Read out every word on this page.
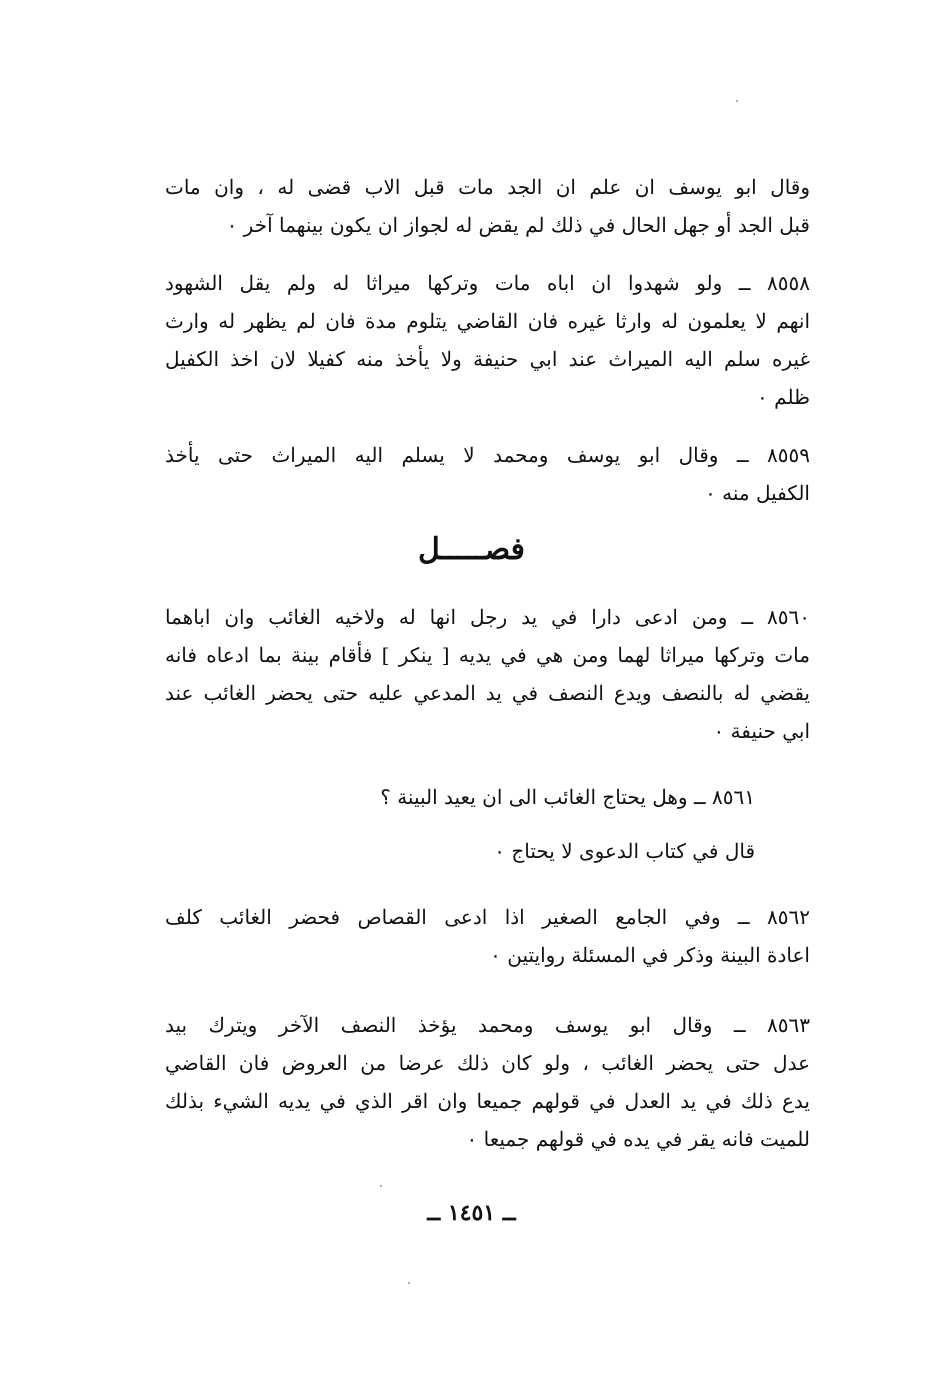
وقال ابو يوسف ان علم ان الجد مات قبل الاب قضى له ، وان مات
قبل الجد أو جهل الحال في ذلك لم يقض له لجواز ان يكون بينهما آخر ٠
٨٥٥٨ ــ ولو شهدوا ان اباه مات وتركها ميراثا له ولم يقل الشهود
انهم لا يعلمون له وارثا غيره فان القاضي يتلوم مدة فان لم يظهر له وارث
غيره سلم اليه الميراث عند ابي حنيفة ولا يأخذ منه كفيلا لان اخذ الكفيل
ظلم ٠
٨٥٥٩ ــ وقال ابو يوسف ومحمد لا يسلم اليه الميراث حتى يأخذ
الكفيل منه ٠
فصـــــل
٨٥٦٠ ــ ومن ادعى دارا في يد رجل انها له ولاخيه الغائب وان اباهما
مات وتركها ميراثا لهما ومن هي في يديه [ ينكر ] فأقام بينة بما ادعاه فانه
يقضي له بالنصف ويدع النصف في يد المدعي عليه حتى يحضر الغائب عند
ابي حنيفة ٠
٨٥٦١ ــ وهل يحتاج الغائب الى ان يعيد البينة ؟
قال في كتاب الدعوى لا يحتاج ٠
٨٥٦٢ ــ وفي الجامع الصغير اذا ادعى القصاص فحضر الغائب كلف
اعادة البينة وذكر في المسئلة روايتين ٠
٨٥٦٣ ــ وقال ابو يوسف ومحمد يؤخذ النصف الآخر ويترك بيد
عدل حتى يحضر الغائب ، ولو كان ذلك عرضا من العروض فان القاضي
يدع ذلك في يد العدل في قولهم جميعا وان اقر الذي في يديه الشيء بذلك
للميت فانه يقر في يده في قولهم جميعا ٠
ــ ١٤٥١ ــ
